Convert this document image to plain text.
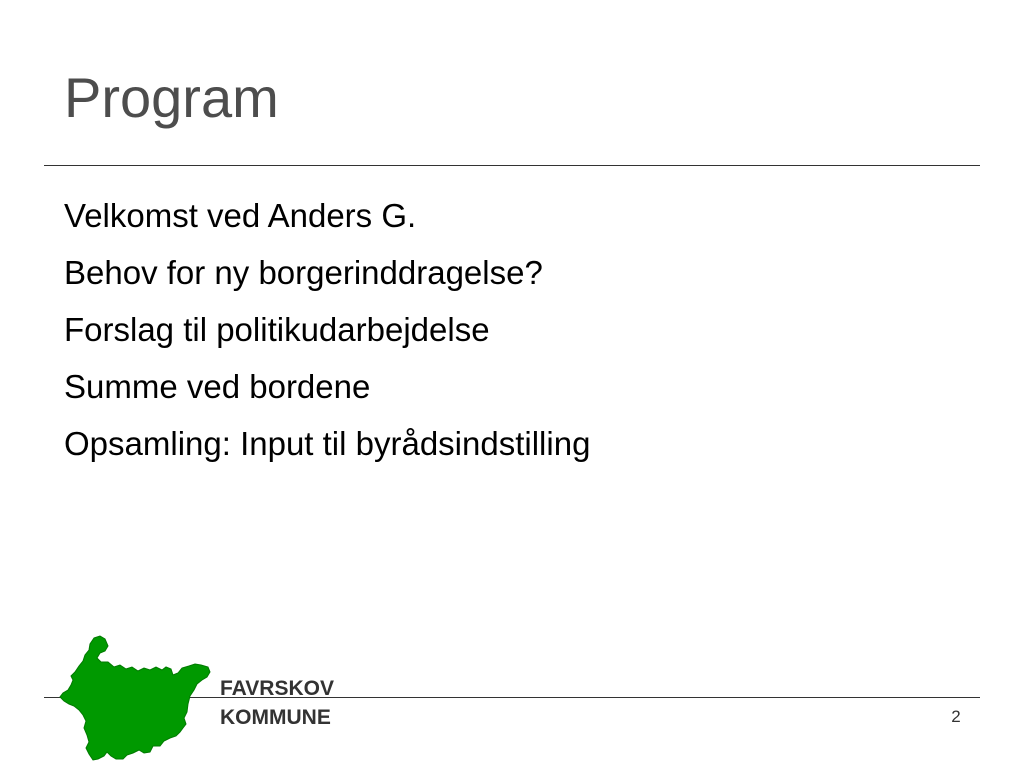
Program
Velkomst ved Anders G.
Behov for ny borgerinddragelse?
Forslag til politikudarbejdelse
Summe ved bordene
Opsamling: Input til byrådsindstilling
FAVRSKOV
KOMMUNE	2
